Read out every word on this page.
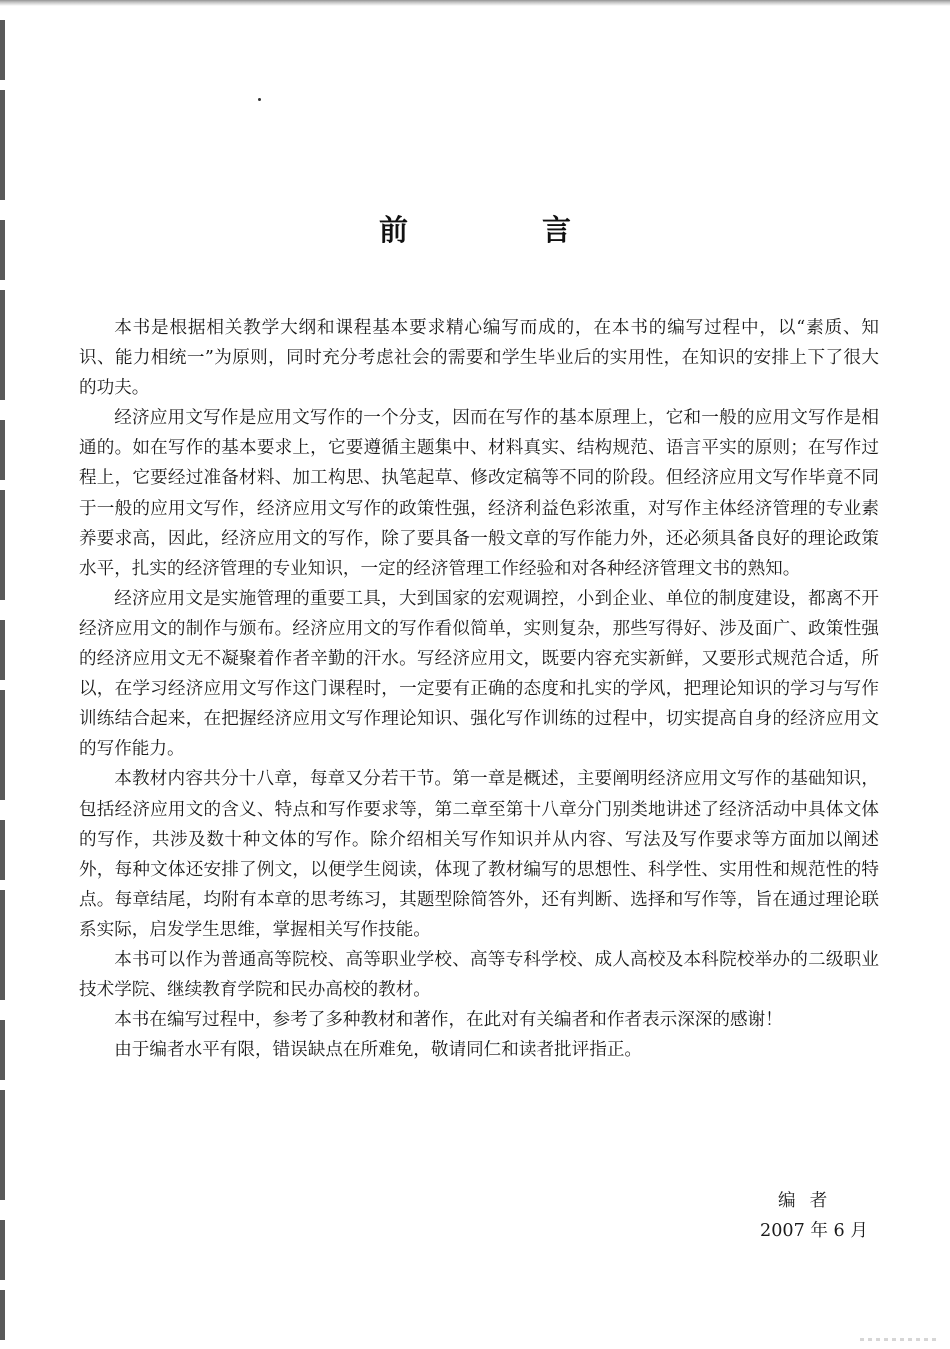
前 言

本书是根据相关教学大纲和课程基本要求精心编写而成的，在本书的编写过程中，以“素质、知识、能力相统一”为原则，同时充分考虑社会的需要和学生毕业后的实用性，在知识的安排上下了很大的功夫。

经济应用文写作是应用文写作的一个分支，因而在写作的基本原理上，它和一般的应用文写作是相通的。如在写作的基本要求上，它要遵循主题集中、材料真实、结构规范、语言平实的原则；在写作过程上，它要经过准备材料、加工构思、执笔起草、修改定稿等不同的阶段。但经济应用文写作毕竟不同于一般的应用文写作，经济应用文写作的政策性强，经济利益色彩浓重，对写作主体经济管理的专业素养要求高，因此，经济应用文的写作，除了要具备一般文章的写作能力外，还必须具备良好的理论政策水平，扎实的经济管理的专业知识，一定的经济管理工作经验和对各种经济管理文书的熟知。

经济应用文是实施管理的重要工具，大到国家的宏观调控，小到企业、单位的制度建设，都离不开经济应用文的制作与颁布。经济应用文的写作看似简单，实则复杂，那些写得好、涉及面广、政策性强的经济应用文无不凝聚着作者辛勤的汗水。写经济应用文，既要内容充实新鲜，又要形式规范合适，所以，在学习经济应用文写作这门课程时，一定要有正确的态度和扎实的学风，把理论知识的学习与写作训练结合起来，在把握经济应用文写作理论知识、强化写作训练的过程中，切实提高自身的经济应用文的写作能力。

本教材内容共分十八章，每章又分若干节。第一章是概述，主要阐明经济应用文写作的基础知识，包括经济应用文的含义、特点和写作要求等，第二章至第十八章分门别类地讲述了经济活动中具体文体的写作，共涉及数十种文体的写作。除介绍相关写作知识并从内容、写法及写作要求等方面加以阐述外，每种文体还安排了例文，以便学生阅读，体现了教材编写的思想性、科学性、实用性和规范性的特点。每章结尾，均附有本章的思考练习，其题型除简答外，还有判断、选择和写作等，旨在通过理论联系实际，启发学生思维，掌握相关写作技能。

本书可以作为普通高等院校、高等职业学校、高等专科学校、成人高校及本科院校举办的二级职业技术学院、继续教育学院和民办高校的教材。

本书在编写过程中，参考了多种教材和著作，在此对有关编者和作者表示深深的感谢！

由于编者水平有限，错误缺点在所难免，敬请同仁和读者批评指正。

编者
2007 年 6 月
